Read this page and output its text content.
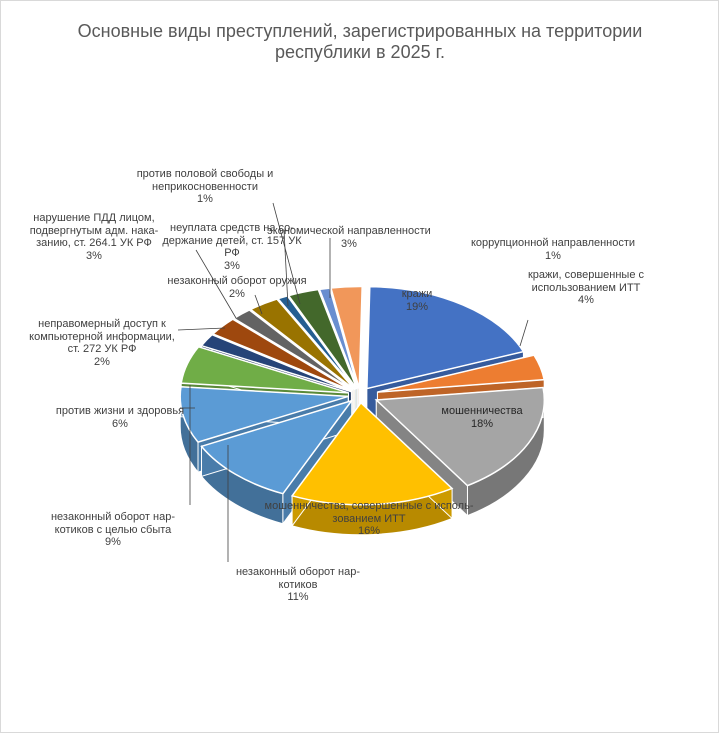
Основные виды преступлений, зарегистрированных на территории
республики в 2025 г.
кражи
19%
кражи, совершенные с
использованием ИТТ
4%
мошенничества
18%
мошенничества, совершенные с исполь-
зованием ИТТ
16%
незаконный оборот нар-
котиков
11%
незаконный оборот нар-
котиков с целью сбыта
9%
против жизни и здоровья
6%
неправомерный доступ к
компьютерной информации,
ст. 272 УК РФ
2%
нарушение ПДД лицом,
подвергнутым адм. нака-
занию, ст. 264.1 УК РФ
3%
незаконный оборот оружия
2%
неуплата средств на со-
держание детей, ст. 157 УК
РФ
3%
против половой свободы и
неприкосновенности
1%
экономической направленности
3%	коррупционной направленности
1%
